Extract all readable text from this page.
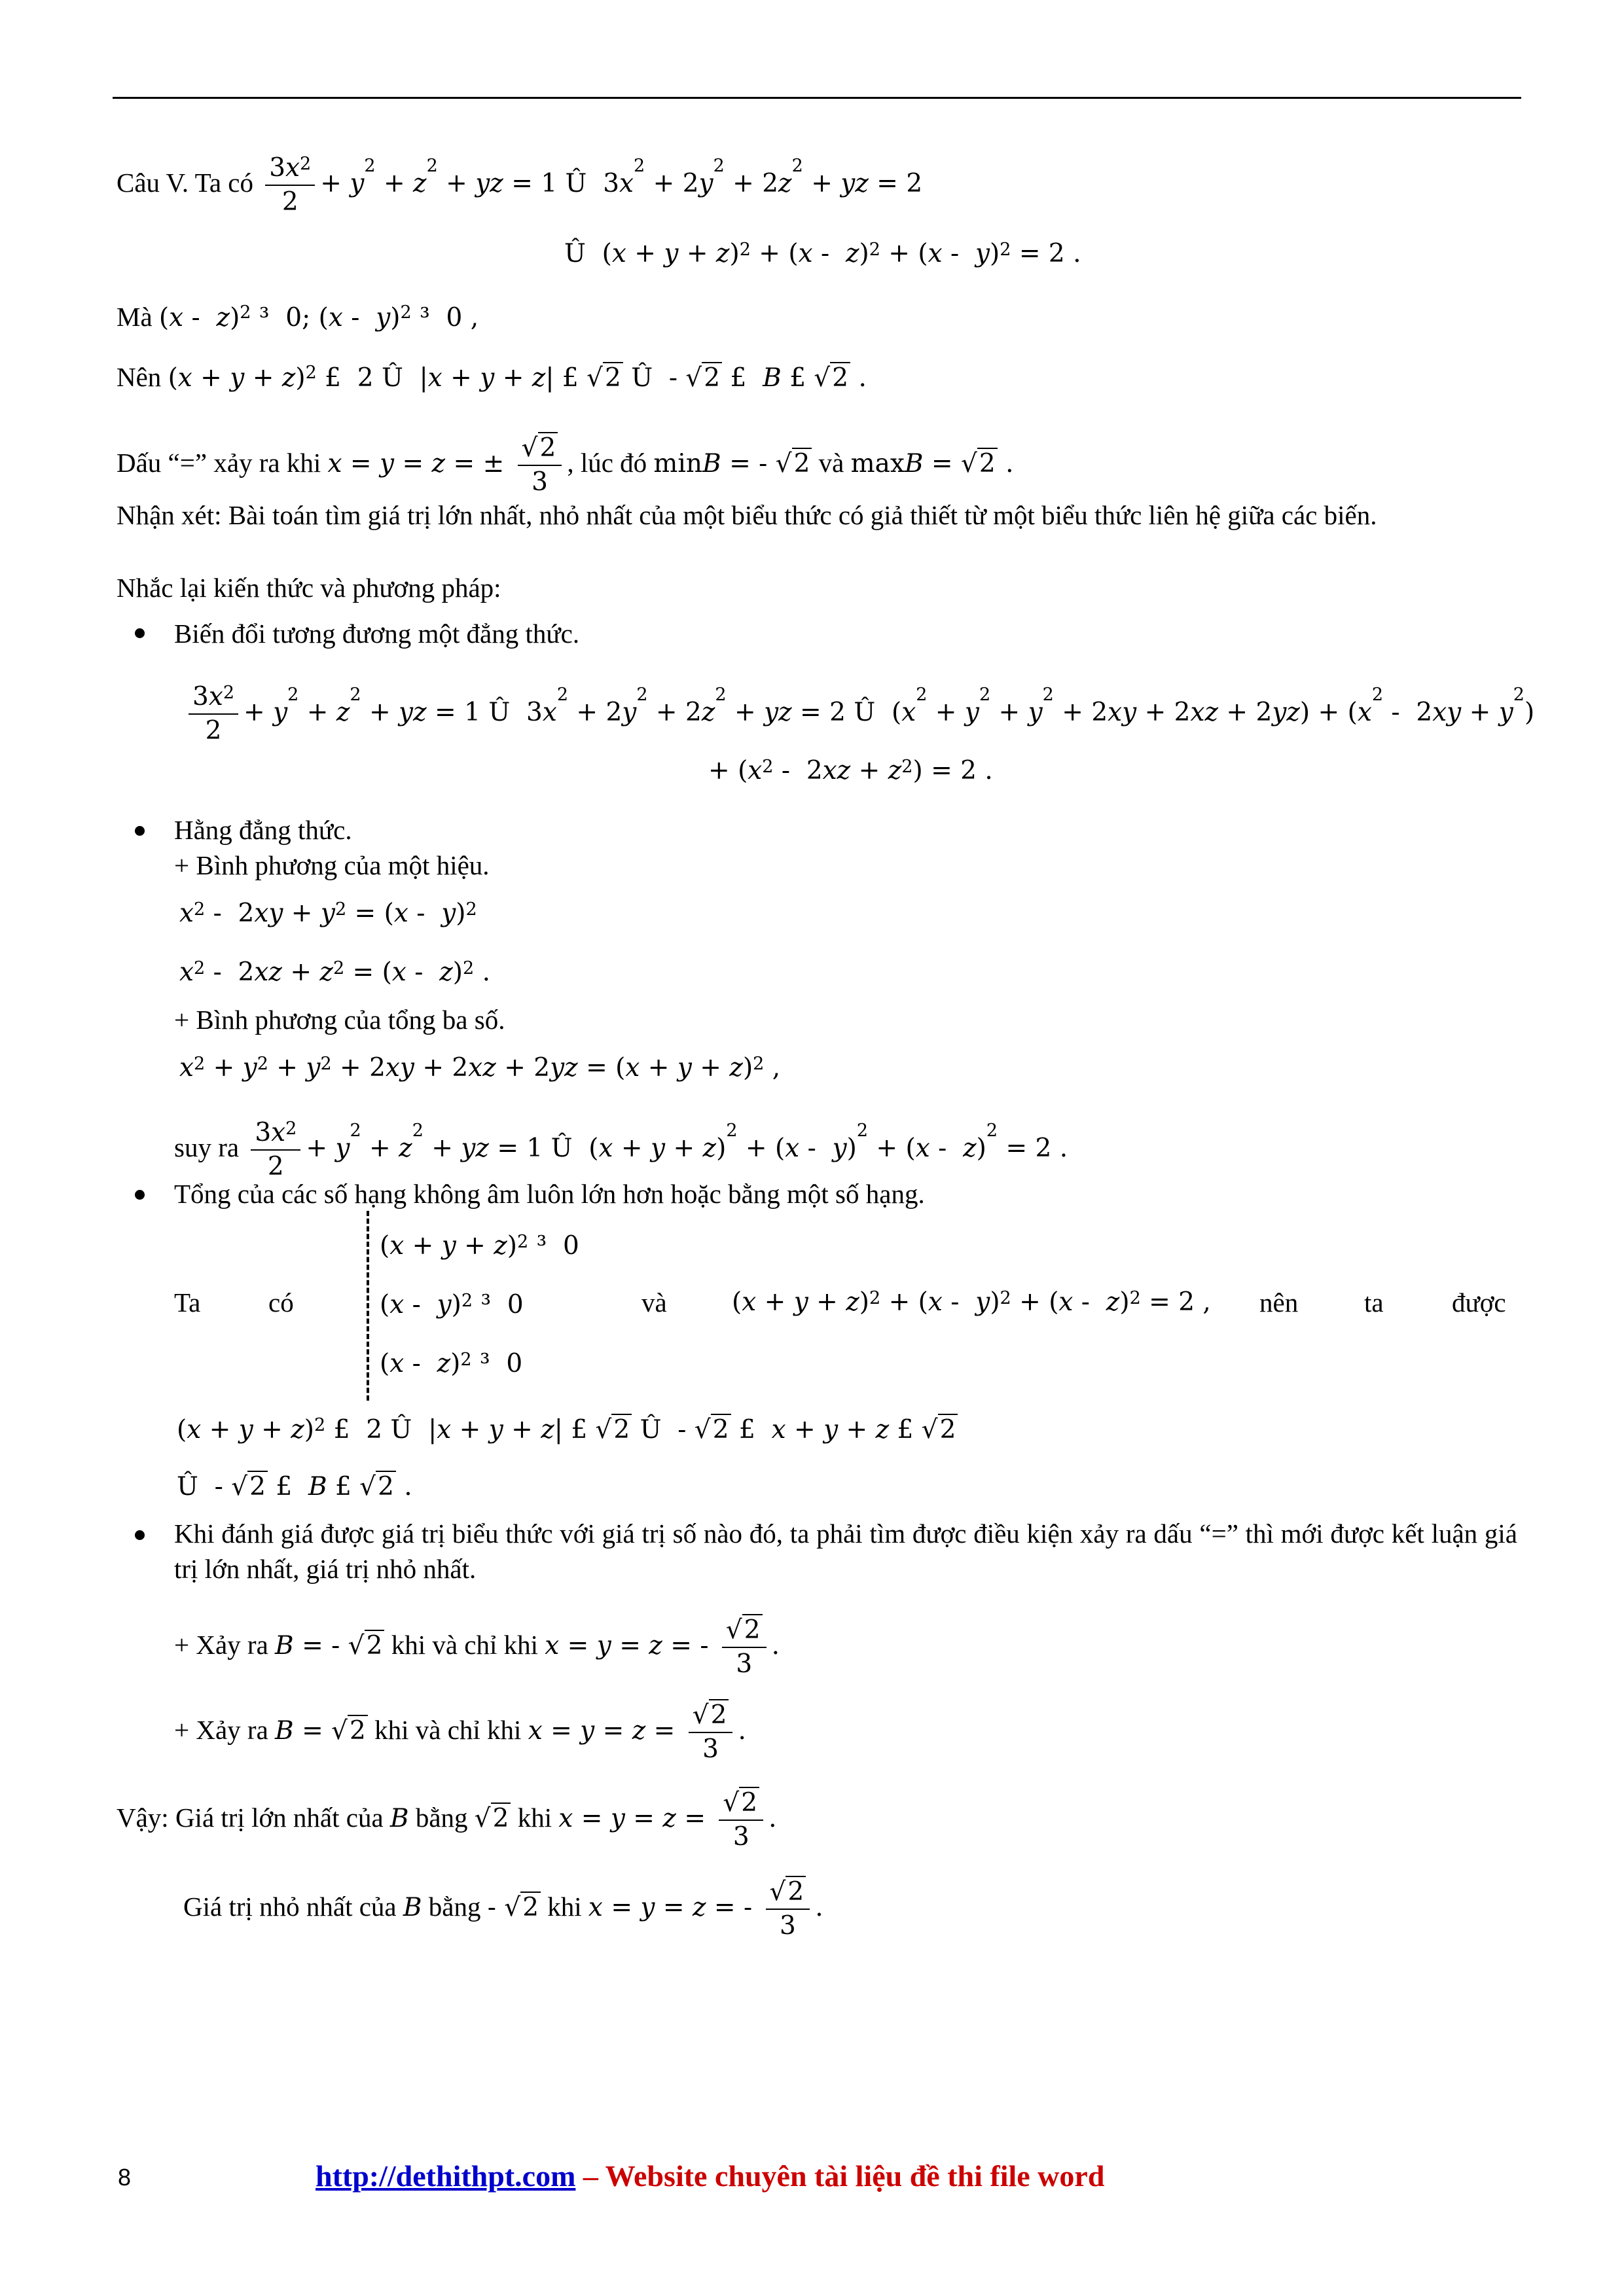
Câu V. Ta có $\frac{3x^2}{2} + y^2 + z^2$ + yz = 1 Û  $3x^2 + 2y^2 + 2z^2$ + yz = 2
Û  $(x + y + z)^2 + (x - z)^2 + (x - y)^2 = 2$ .
Mà (x -  z)$^2$ ³  0; (x -  y)$^2$ ³  0 ,
Nên $(x + y + z)^2$ £  2 Û  |x + y + z| £ √2 Û  - √2 £  B £ √2 .
Dấu “=” xảy ra khi x = y = z = ± $\frac{√2}{3}$ , lúc đó minB = - √2 và maxB = √2 .
Nhận xét: Bài toán tìm giá trị lớn nhất, nhỏ nhất của một biểu thức có giả thiết từ một biểu thức liên hệ giữa các biến.
Nhắc lại kiến thức và phương pháp:
Biến đổi tương đương một đẳng thức.
$\frac{3x^2}{2} + y^2 + z^2$ + yz = 1 Û  $3x^2 + 2y^2 + 2z^2$ + yz = 2 Û  $(x^2 + y^2 + y^2 + 2xy + 2xz + 2yz) + (x^2 - 2xy + y^2)$
+ $(x^2 - 2xz + z^2) = 2$ .
Hằng đẳng thức.
+ Bình phương của một hiệu.
$x^2 - 2xy + y^2 = (x - y)^2$
$x^2 - 2xz + z^2 = (x - z)^2$ .
+ Bình phương của tổng ba số.
$x^2 + y^2 + y^2 + 2xy + 2xz + 2yz = (x + y + z)^2$ ,
suy ra $\frac{3x^2}{2} + y^2 + z^2$ + yz = 1 Û  $(x + y + z)^2 + (x - y)^2 + (x - z)^2 = 2$ .
Tổng của các số hạng không âm luôn lớn hơn hoặc bằng một số hạng.
Ta	có
$(x + y + z)^2$ ³  0
(x -  y)$^2$ ³  0
(x -  z)$^2$ ³  0
và	$(x + y + z)^2 + (x - y)^2 + (x - z)^2 = 2$ , nên ta	được
$(x + y + z)^2$ £  2 Û  |x + y + z| £ √2 Û  - √2 £  x + y + z £ √2
Û  - √2 £  B £ √2 .
Khi đánh giá được giá trị biểu thức với giá trị số nào đó, ta phải tìm được điều kiện xảy ra dấu “=” thì mới được kết luận giá trị lớn nhất, giá trị nhỏ nhất.
+ Xảy ra B = - √2 khi và chỉ khi x = y = z = - $\frac{√2}{3}$ .
+ Xảy ra B = √2 khi và chỉ khi $x = y = z = \frac{√2}{3}$ .
Vậy: Giá trị lớn nhất của B bằng √2 khi $x = y = z = \frac{√2}{3}$ .
Giá trị nhỏ nhất của B bằng - √2 khi x = y = z = - $\frac{√2}{3}$ .
8	http://dethithpt.com – Website chuyên tài liệu đề thi file word
